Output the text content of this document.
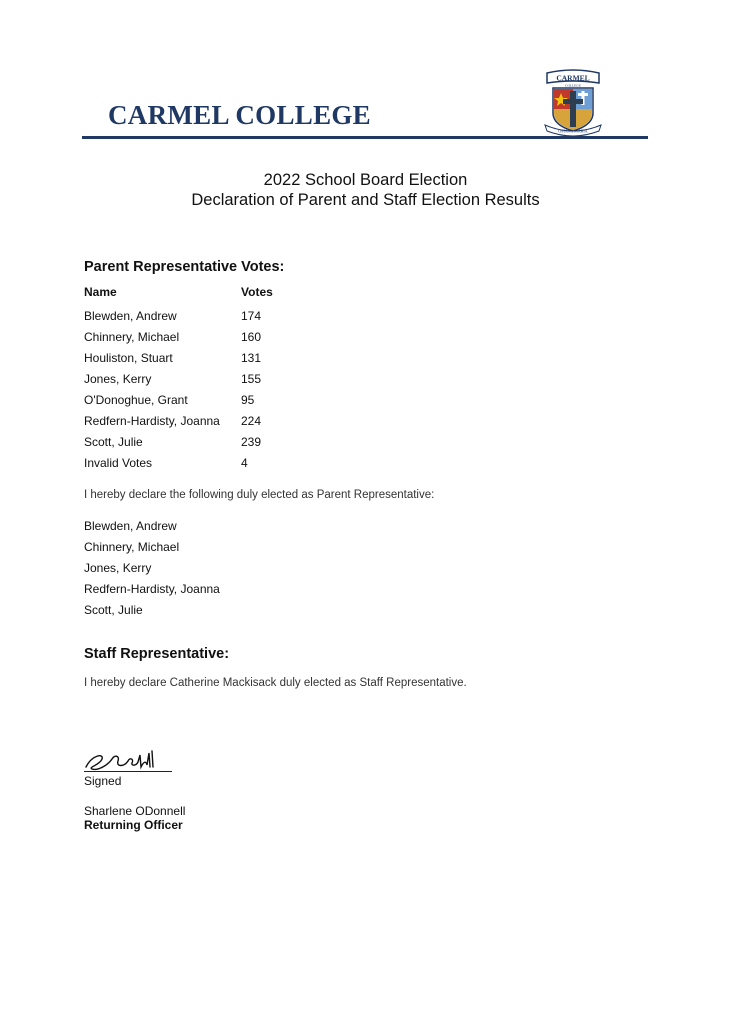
CARMEL COLLEGE
CARMEL
COLLEGE
OMANA MARIA
2022 School Board Election
Declaration of Parent and Staff Election Results
Parent Representative Votes:
Name	Votes
Blewden, Andrew	174
Chinnery, Michael	160
Houliston, Stuart	131
Jones, Kerry	155
O'Donoghue, Grant	95
Redfern-Hardisty, Joanna 224
Scott, Julie	239
Invalid Votes	4
I hereby declare the following duly elected as Parent Representative:
Blewden, Andrew
Chinnery, Michael
Jones, Kerry
Redfern-Hardisty, Joanna
Scott, Julie
Staff Representative:
I hereby declare Catherine Mackisack duly elected as Staff Representative.
Signed
Sharlene ODonnell
Returning Officer
